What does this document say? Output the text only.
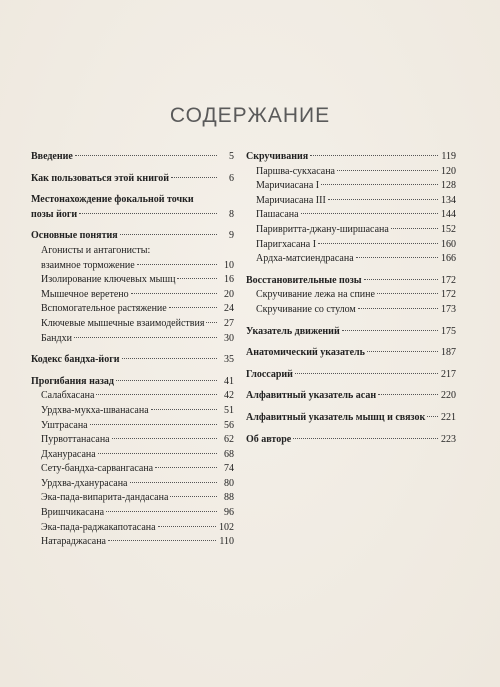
СОДЕРЖАНИЕ
Введение	5
Как пользоваться этой книгой	6
Местонахождение фокальной точки
позы йоги	8
Основные понятия	9
Агонисты и антагонисты:
взаимное торможение	10
Изолирование ключевых мышц	16
Мышечное веретено	20
Вспомогательное растяжение	24
Ключевые мышечные взаимодействия	27
Бандхи	30
Кодекс бандха-йоги	35
Прогибания назад	41
Салабхасана	42
Урдхва-мукха-шванасана	51
Уштрасана	56
Пурвоттанасана	62
Дханурасана	68
Сету-бандха-сарвангасана	74
Урдхва-дханурасана	80
Эка-пада-випарита-дандасана	88
Вришчикасана	96
Эка-пада-раджакапотасана	102
Натараджасана	110
Скручивания	119
Паршва-сукхасана	120
Маричиасана I	128
Маричиасана III	134
Пашасана	144
Паривритта-джану-ширшасана	152
Паригхасана I	160
Ардха-матсиендрасана	166
Восстановительные позы	172
Скручивание лежа на спине	172
Скручивание со стулом	173
Указатель движений	175
Анатомический указатель	187
Глоссарий	217
Алфавитный указатель асан	220
Алфавитный указатель мышц и связок 221
Об авторе	223
